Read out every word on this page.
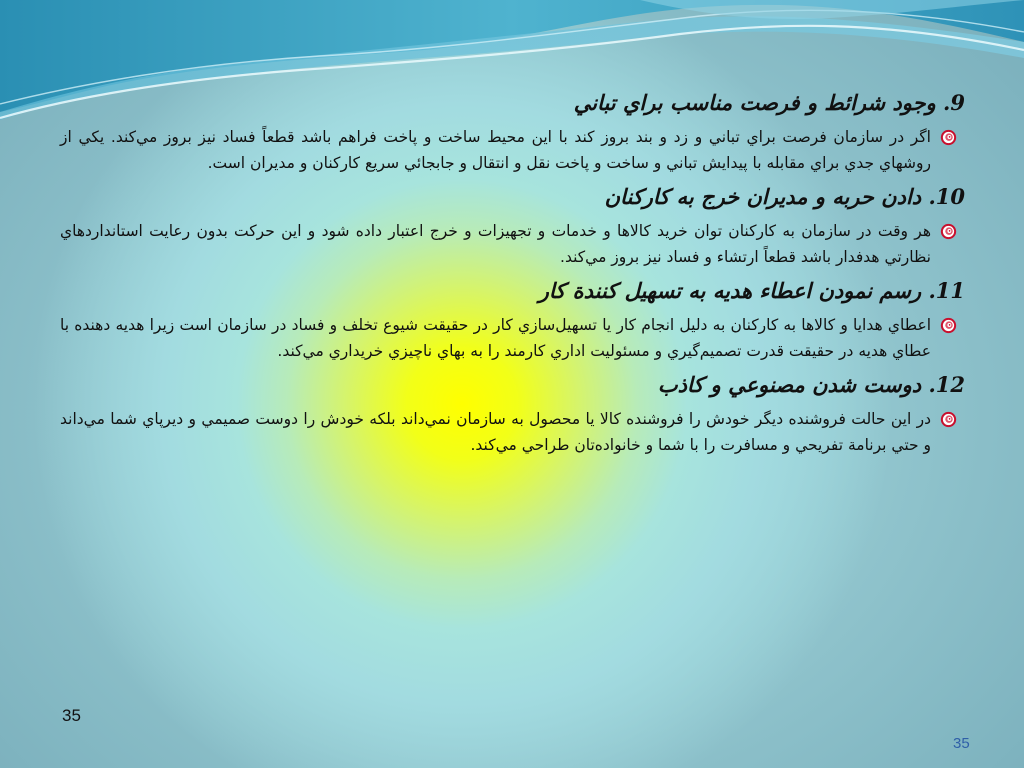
9. وجود شرائط و فرصت مناسب براي تباني
اگر در سازمان فرصت براي تباني و زد و بند بروز كند با اين محيط ساخت و پاخت فراهم باشد قطعاً فساد نيز بروز مي‌كند. يكي از روشهاي جدي براي مقابله با پيدايش تباني و ساخت و پاخت نقل و انتقال و جابجائي سريع كاركنان و مديران است.
10. دادن حربه و مديران خرج به كاركنان
هر وقت در سازمان به كاركنان توان خريد كالاها و خدمات و تجهيزات و خرج اعتبار داده شود و اين حركت بدون رعايت استانداردهاي نظارتي هدفدار باشد قطعاً ارتشاء و فساد نيز بروز مي‌كند.
11. رسم نمودن اعطاء هديه به تسهيل كنندة كار
اعطاي هدايا و كالاها به كاركنان به دليل انجام كار يا تسهيل‌سازي كار در حقيقت شيوع تخلف و فساد در سازمان است زيرا هديه دهنده با عطاي هديه در حقيقت قدرت تصميم‌گيري و مسئوليت اداري كارمند را به بهاي ناچيزي خريداري مي‌كند.
12. دوست شدن مصنوعي و كاذب
در اين حالت فروشنده ديگر خودش را فروشنده كالا يا محصول به سازمان نمي‌داند بلكه خودش را دوست صميمي و ديرپاي شما مي‌داند و حتي برنامة تفريحي و مسافرت را با شما و خانواده‌تان طراحي مي‌كند.
35
35
